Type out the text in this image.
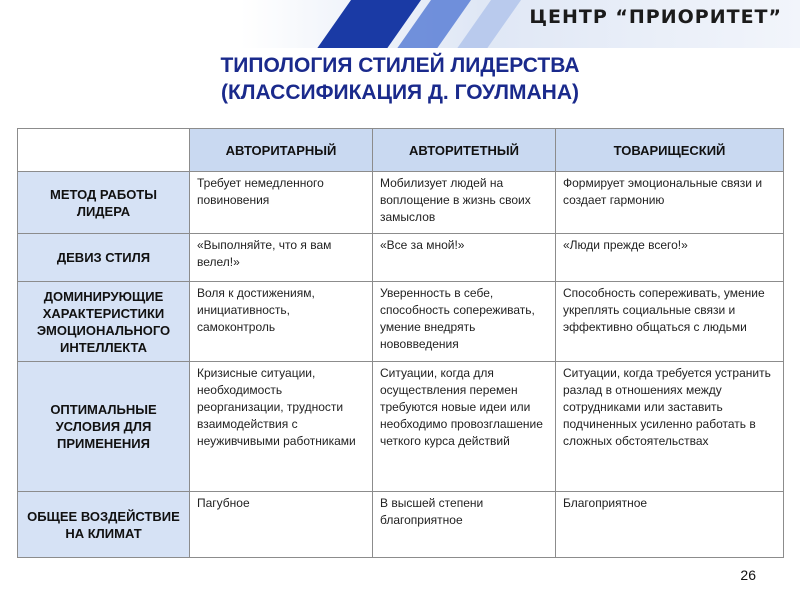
ЦЕНТР “ПРИОРИТЕТ”
ТИПОЛОГИЯ СТИЛЕЙ ЛИДЕРСТВА
(КЛАССИФИКАЦИЯ Д. ГОУЛМАНА)
	АВТОРИТАРНЫЙ	АВТОРИТЕТНЫЙ	ТОВАРИЩЕСКИЙ
МЕТОД РАБОТЫ ЛИДЕРА	Требует немедленного повиновения	Мобилизует людей на воплощение в жизнь своих замыслов	Формирует эмоциональные связи и создает гармонию
ДЕВИЗ СТИЛЯ	«Выполняйте, что я вам велел!»	«Все за мной!»	«Люди прежде всего!»
ДОМИНИРУЮЩИЕ ХАРАКТЕРИСТИКИ ЭМОЦИОНАЛЬНОГО ИНТЕЛЛЕКТА	Воля к достижениям, инициативность, самоконтроль	Уверенность в себе, способность сопереживать, умение внедрять нововведения	Способность сопереживать, умение укреплять социальные связи и эффективно общаться с людьми
ОПТИМАЛЬНЫЕ УСЛОВИЯ ДЛЯ ПРИМЕНЕНИЯ	Кризисные ситуации, необходимость реорганизации, трудности взаимодействия с неуживчивыми работниками	Ситуации, когда для осуществления перемен требуются новые идеи или необходимо провозглашение четкого курса действий	Ситуации, когда требуется устранить разлад в отношениях между сотрудниками или заставить подчиненных усиленно работать в сложных обстоятельствах
ОБЩЕЕ ВОЗДЕЙСТВИЕ НА КЛИМАТ	Пагубное	В высшей степени благоприятное	Благоприятное
26
